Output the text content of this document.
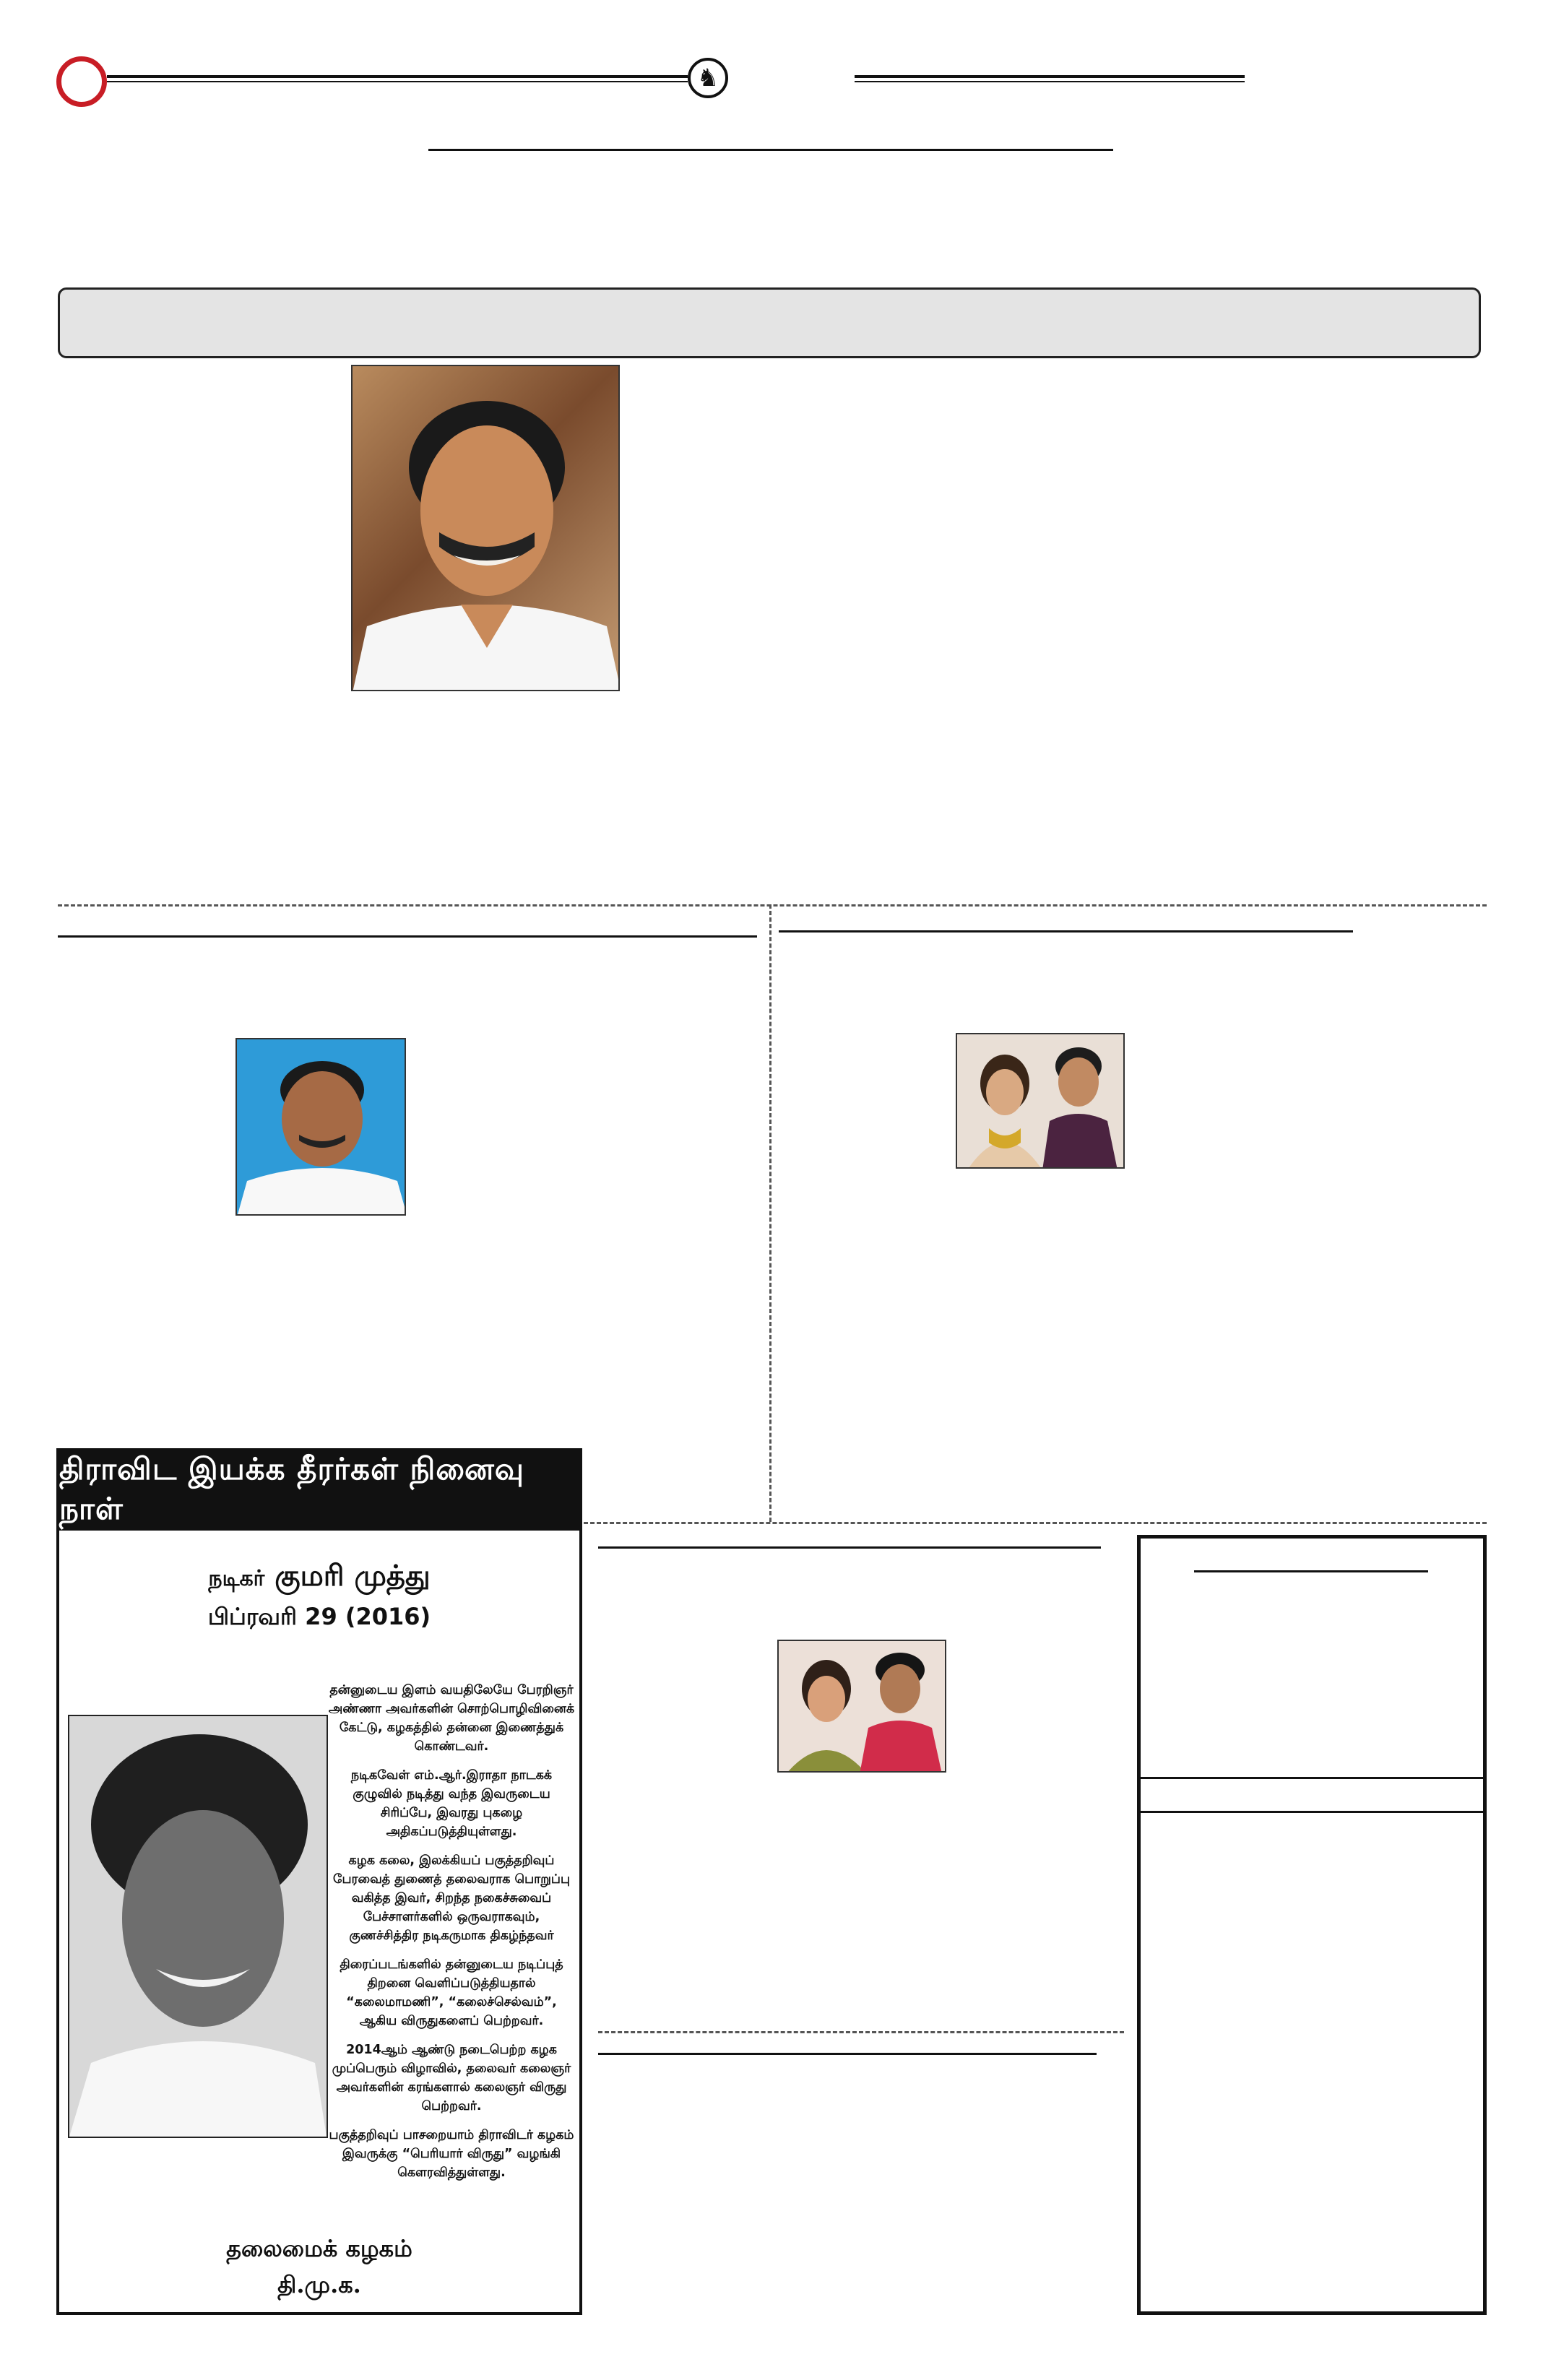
♞
திராவிட இயக்க தீரர்கள் நினைவு நாள்
நடிகர் குமரி முத்து
பிப்ரவரி 29 (2016)

தன்னுடைய இளம் வயதிலேயே பேரறிஞர் அண்ணா அவர்களின் சொற்பொழிவினைக் கேட்டு, கழகத்தில் தன்னை இணைத்துக் கொண்டவர்.

நடிகவேள் எம்.ஆர்.இராதா நாடகக் குழுவில் நடித்து வந்த இவருடைய சிரிப்பே, இவரது புகழை அதிகப்படுத்தியுள்ளது.

கழக கலை, இலக்கியப் பகுத்தறிவுப் பேரவைத் துணைத் தலைவராக பொறுப்பு வகித்த இவர், சிறந்த நகைச்சுவைப் பேச்சாளர்களில் ஒருவராகவும், குணச்சித்திர நடிகருமாக திகழ்ந்தவர்

திரைப்படங்களில் தன்னுடைய நடிப்புத் திறனை வெளிப்படுத்தியதால் “கலைமாமணி”, “கலைச்செல்வம்”, ஆகிய விருதுகளைப் பெற்றவர்.

2014ஆம் ஆண்டு நடைபெற்ற கழக முப்பெரும் விழாவில், தலைவர் கலைஞர் அவர்களின் கரங்களால் கலைஞர் விருது பெற்றவர்.

பகுத்தறிவுப் பாசறையாம் திராவிடர் கழகம் இவருக்கு “பெரியார் விருது” வழங்கி கௌரவித்துள்ளது.

தலைமைக் கழகம்
தி.மு.க.
